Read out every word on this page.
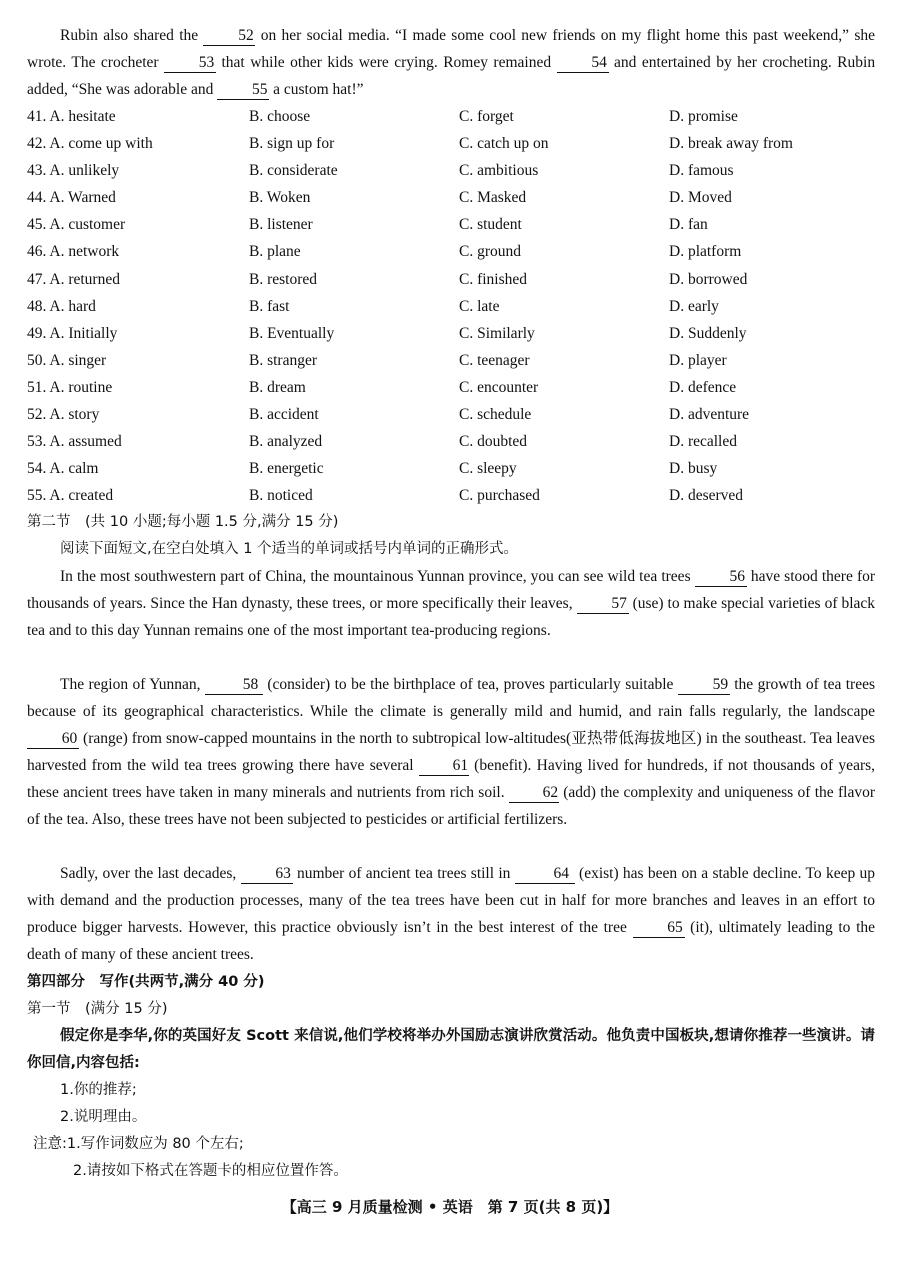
Rubin also shared the	52 on her social media. “I made some cool new friends on my flight home this past weekend,” she wrote. The crocheter	53 that while other kids were crying. Romey remained	54 and entertained by her crocheting. Rubin added, “She was adorable and 55 a custom hat!”
41. A. hesitate	B. choose	C. forget	D. promise
42. A. come up with	B. sign up for	C. catch up on	D. break away from
43. A. unlikely	B. considerate	C. ambitious	D. famous
44. A. Warned	B. Woken	C. Masked	D. Moved
45. A. customer	B. listener	C. student	D. fan
46. A. network	B. plane	C. ground	D. platform
47. A. returned	B. restored	C. finished	D. borrowed
48. A. hard	B. fast	C. late	D. early
49. A. Initially	B. Eventually	C. Similarly	D. Suddenly
50. A. singer	B. stranger	C. teenager	D. player
51. A. routine	B. dream	C. encounter	D. defence
52. A. story	B. accident	C. schedule	D. adventure
53. A. assumed	B. analyzed	C. doubted	D. recalled
54. A. calm	B. energetic	C. sleepy	D. busy
55. A. created	B. noticed	C. purchased	D. deserved
第二节　(共 10 小题;每小题 1.5 分,满分 15 分)
阅读下面短文,在空白处填入 1 个适当的单词或括号内单词的正确形式。
In the most southwestern part of China, the mountainous Yunnan province, you can see wild tea trees	56 have stood there for thousands of years. Since the Han dynasty, these trees, or more specifically their leaves, 57 (use) to make special varieties of black tea and to this day Yunnan remains one of the most important tea-producing regions.
The region of Yunnan,	58 (consider) to be the birthplace of tea, proves particularly suitable	59 the growth of tea trees because of its geographical characteristics. While the climate is generally mild and humid, and rain falls regularly, the landscape 60 (range) from snow-capped mountains in the north to subtropical low-altitudes(亚热带低海拔地区) in the southeast. Tea leaves harvested from the wild tea trees growing there have several	61 (benefit). Having lived for hundreds, if not thousands of years, these ancient trees have taken in many minerals and nutrients from rich soil. 62 (add) the complexity and uniqueness of the flavor of the tea. Also, these trees have not been subjected to pesticides or artificial fertilizers.
Sadly, over the last decades,	63 number of ancient tea trees still in	64 (exist) has been on a stable decline. To keep up with demand and the production processes, many of the tea trees have been cut in half for more branches and leaves in an effort to produce bigger harvests. However, this practice obviously isn’t in the best interest of the tree	65 (it), ultimately leading to the death of many of these ancient trees.
第四部分　写作(共两节,满分 40 分)
第一节　(满分 15 分)
假定你是李华,你的英国好友 Scott 来信说,他们学校将举办外国励志演讲欣赏活动。他负责中国板块,想请你推荐一些演讲。请你回信,内容包括:
1.你的推荐;
2.说明理由。
注意:1.写作词数应为 80 个左右;
2.请按如下格式在答题卡的相应位置作答。
【高三 9 月质量检测 • 英语　第 7 页(共 8 页)】
